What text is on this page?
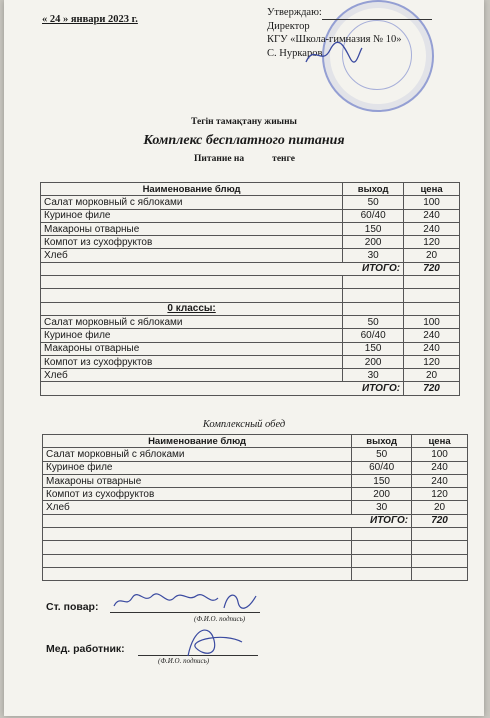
« 24 » январи 2023 г.
Утверждаю:
Директор
КГУ «Школа-гимназия № 10»
С. Нуркаров
Тегін тамақтану жиыны
Комплекс бесплатного питания
Питание на	тенге
Наименование блюд	выход	цена
Салат морковный с яблоками	50	100
Куриное филе	60/40	240
Макароны отварные	150	240
Компот из сухофруктов	200	120
Хлеб	30	20
ИТОГО:		720

0 классы:		
Салат морковный с яблоками	50	100
Куриное филе	60/40	240
Макароны отварные	150	240
Компот из сухофруктов	200	120
Хлеб	30	20
ИТОГО:		720
Комплексный обед
Наименование блюд	выход	цена
Салат морковный с яблоками	50	100
Куриное филе	60/40	240
Макароны отварные	150	240
Компот из сухофруктов	200	120
Хлеб	30	20
ИТОГО:		720

Ст. повар:
(Ф.И.О. подпись)
Мед. работник:
(Ф.И.О. подпись)
